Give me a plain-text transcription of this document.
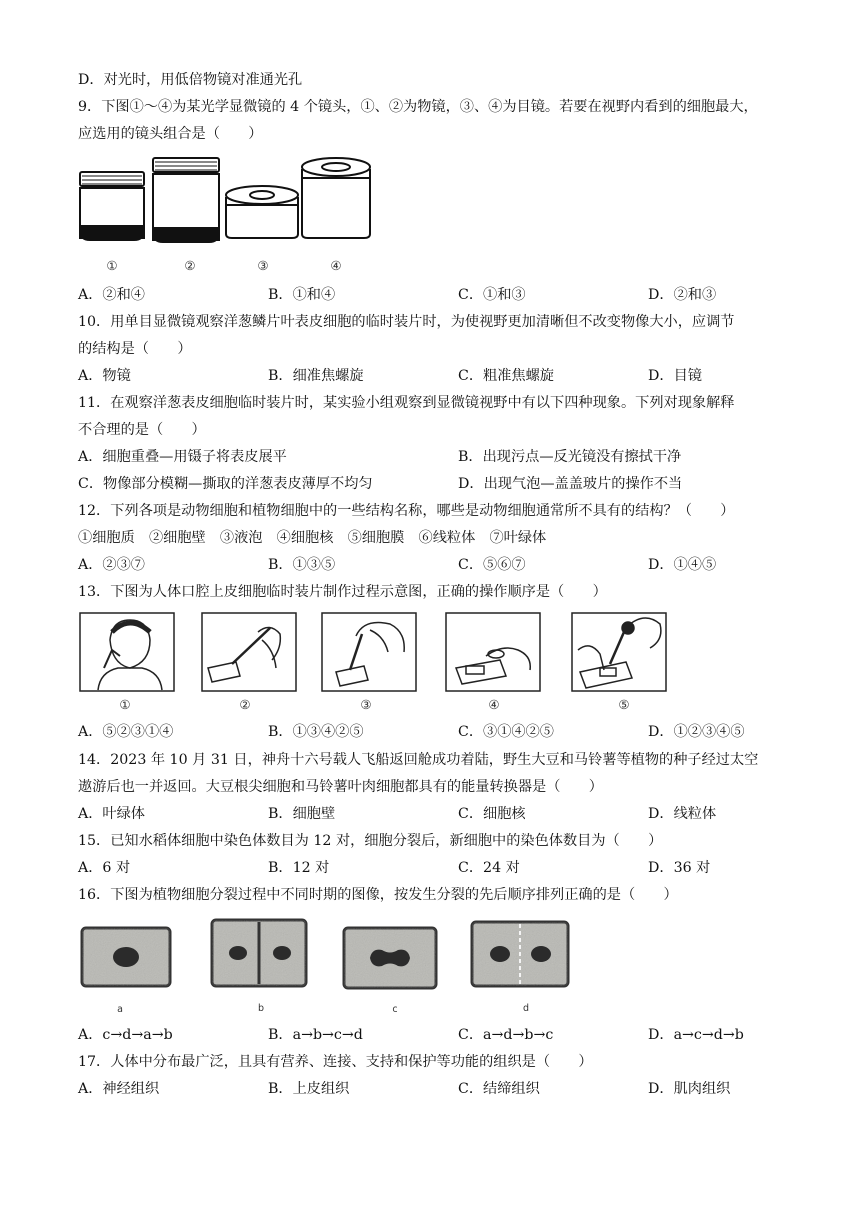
D．对光时，用低倍物镜对准通光孔
9．下图①～④为某光学显微镜的 4 个镜头，①、②为物镜，③、④为目镜。若要在视野内看到的细胞最大，
应选用的镜头组合是（　　）
①	②	③	④
A．②和④	B．①和④	C．①和③	D．②和③
10．用单目显微镜观察洋葱鳞片叶表皮细胞的临时装片时，为使视野更加清晰但不改变物像大小，应调节
的结构是（　　）
A．物镜	B．细准焦螺旋	C．粗准焦螺旋	D．目镜
11．在观察洋葱表皮细胞临时装片时，某实验小组观察到显微镜视野中有以下四种现象。下列对现象解释
不合理的是（　　）
A．细胞重叠—用镊子将表皮展平	B．出现污点—反光镜没有擦拭干净
C．物像部分模糊—撕取的洋葱表皮薄厚不均匀	D．出现气泡—盖盖玻片的操作不当
12．下列各项是动物细胞和植物细胞中的一些结构名称，哪些是动物细胞通常所不具有的结构？（　　）
①细胞质　②细胞壁　③液泡　④细胞核　⑤细胞膜　⑥线粒体　⑦叶绿体
A．②③⑦	B．①③⑤	C．⑤⑥⑦	D．①④⑤
13．下图为人体口腔上皮细胞临时装片制作过程示意图，正确的操作顺序是（　　）
①	②	③	④	⑤
A．⑤②③①④	B．①③④②⑤	C．③①④②⑤	D．①②③④⑤
14．2023 年 10 月 31 日，神舟十六号载人飞船返回舱成功着陆，野生大豆和马铃薯等植物的种子经过太空
遨游后也一并返回。大豆根尖细胞和马铃薯叶肉细胞都具有的能量转换器是（　　）
A．叶绿体	B．细胞壁	C．细胞核	D．线粒体
15．已知水稻体细胞中染色体数目为 12 对，细胞分裂后，新细胞中的染色体数目为（　　）
A．6 对	B．12 对	C．24 对	D．36 对
16．下图为植物细胞分裂过程中不同时期的图像，按发生分裂的先后顺序排列正确的是（　　）
a	b	c	d
A．c→d→a→b	B．a→b→c→d	C．a→d→b→c	D．a→c→d→b
17．人体中分布最广泛，且具有营养、连接、支持和保护等功能的组织是（　　）
A．神经组织	B．上皮组织	C．结缔组织	D．肌肉组织
